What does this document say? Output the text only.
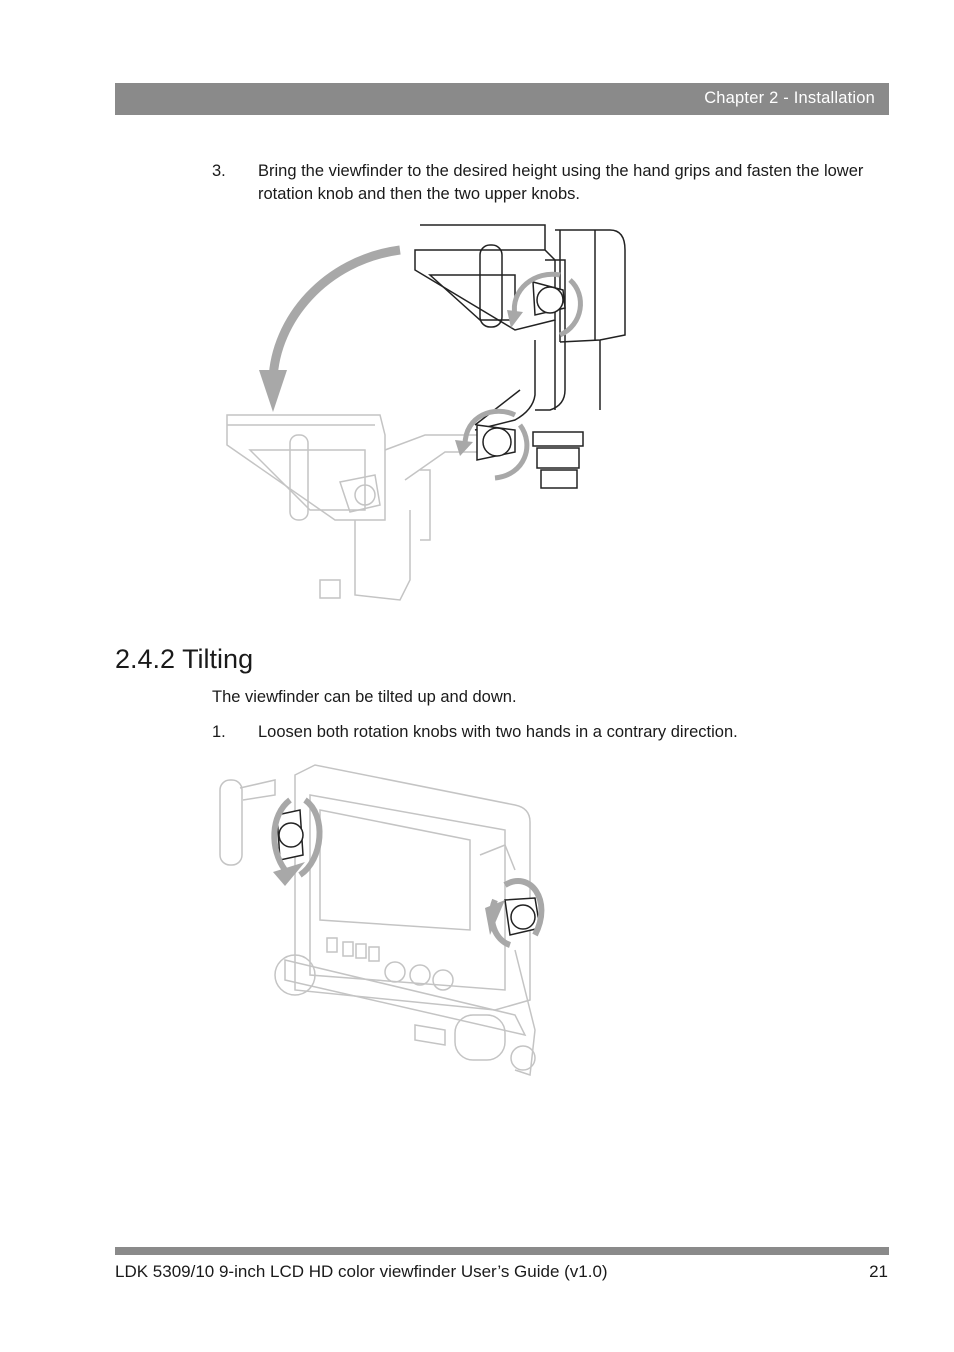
Chapter 2 - Installation
3. Bring the viewfinder to the desired height using the hand grips and fasten the lower rotation knob and then the two upper knobs.
2.4.2 Tilting
The viewfinder can be tilted up and down.
1. Loosen both rotation knobs with two hands in a contrary direction.
LDK 5309/10 9-inch LCD HD color viewfinder User’s Guide (v1.0)	21
